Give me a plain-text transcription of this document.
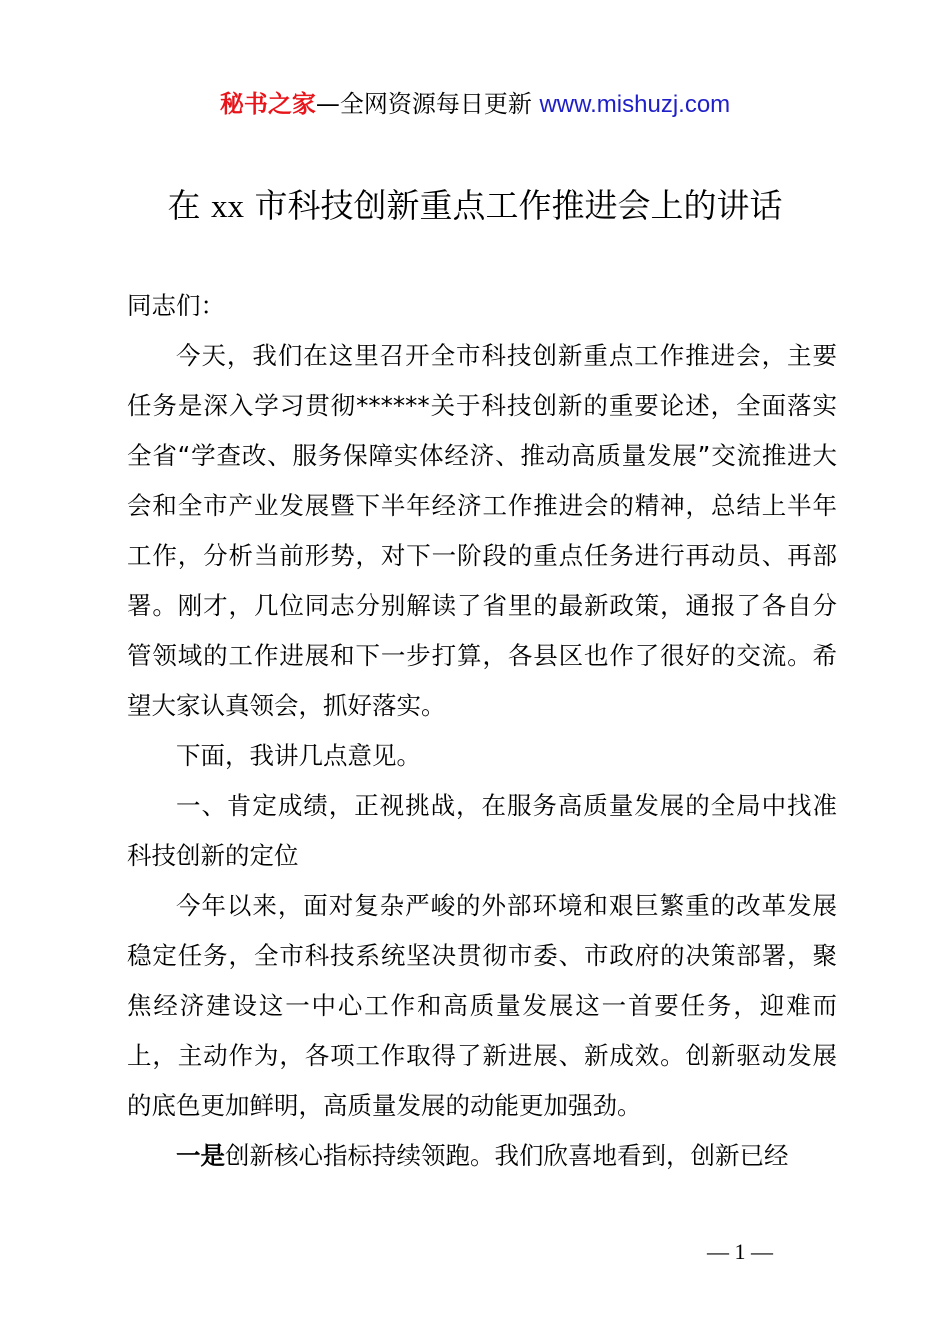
秘书之家—全网资源每日更新 www.mishuzj.com
在 xx 市科技创新重点工作推进会上的讲话

同志们：

今天，我们在这里召开全市科技创新重点工作推进会，主要任务是深入学习贯彻******关于科技创新的重要论述，全面落实全省“学查改、服务保障实体经济、推动高质量发展”交流推进大会和全市产业发展暨下半年经济工作推进会的精神，总结上半年工作，分析当前形势，对下一阶段的重点任务进行再动员、再部署。刚才，几位同志分别解读了省里的最新政策，通报了各自分管领域的工作进展和下一步打算，各县区也作了很好的交流。希望大家认真领会，抓好落实。

下面，我讲几点意见。

一、肯定成绩，正视挑战，在服务高质量发展的全局中找准科技创新的定位

今年以来，面对复杂严峻的外部环境和艰巨繁重的改革发展稳定任务，全市科技系统坚决贯彻市委、市政府的决策部署，聚焦经济建设这一中心工作和高质量发展这一首要任务，迎难而上，主动作为，各项工作取得了新进展、新成效。创新驱动发展的底色更加鲜明，高质量发展的动能更加强劲。

一是创新核心指标持续领跑。我们欣喜地看到，创新已经

— 1 —
